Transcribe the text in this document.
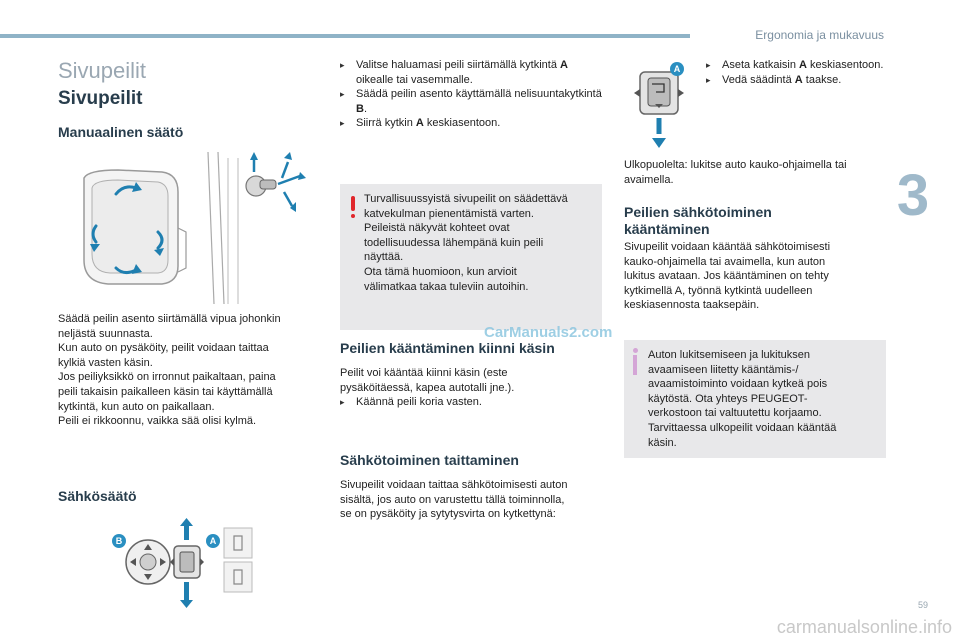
Ergonomia ja mukavuus
3
Sivupeilit
Sivupeilit
Manuaalinen säätö
Säädä peilin asento siirtämällä vipua johonkin
neljästä suunnasta.
Kun auto on pysäköity, peilit voidaan taittaa
kylkiä vasten käsin.
Jos peiliyksikkö on irronnut paikaltaan, paina
peili takaisin paikalleen käsin tai käyttämällä
kytkintä, kun auto on paikallaan.
Peili ei rikkoonnu, vaikka sää olisi kylmä.
Sähkösäätö
B	A
▸ Valitse haluamasi peili siirtämällä kytkintä A oikealle tai vasemmalle.
▸ Säädä peilin asento käyttämällä nelisuuntakytkintä B.
▸ Siirrä kytkin A keskiasentoon.
Turvallisuussyistä sivupeilit on säädettävä
katvekulman pienentämistä varten.
Peileistä näkyvät kohteet ovat
todellisuudessa lähempänä kuin peili
näyttää.
Ota tämä huomioon, kun arvioit
välimatkaa takaa tuleviin autoihin.
CarManuals2.com
Peilien kääntäminen kiinni käsin
Peilit voi kääntää kiinni käsin (este
pysäköitäessä, kapea autotalli jne.).
▸ Käännä peili koria vasten.
Sähkötoiminen taittaminen
Sivupeilit voidaan taittaa sähkötoimisesti auton
sisältä, jos auto on varustettu tällä toiminnolla,
se on pysäköity ja sytytysvirta on kytkettynä:
A
▸	Aseta katkaisin A keskiasentoon.
▸ Vedä säädintä A taakse.
Ulkopuolelta: lukitse auto kauko-ohjaimella tai
avaimella.
Peilien sähkötoiminen
kääntäminen
Sivupeilit voidaan kääntää sähkötoimisesti
kauko-ohjaimella tai avaimella, kun auton
lukitus avataan. Jos kääntäminen on tehty
kytkimellä A, työnnä kytkintä uudelleen
keskiasennosta taaksepäin.
Auton lukitsemiseen ja lukituksen
avaamiseen liitetty kääntämis-/
avaamistoiminto voidaan kytkeä pois
käytöstä. Ota yhteys PEUGEOT-
verkostoon tai valtuutettu korjaamo.
Tarvittaessa ulkopeilit voidaan kääntää
käsin.
59
carmanualsonline.info
